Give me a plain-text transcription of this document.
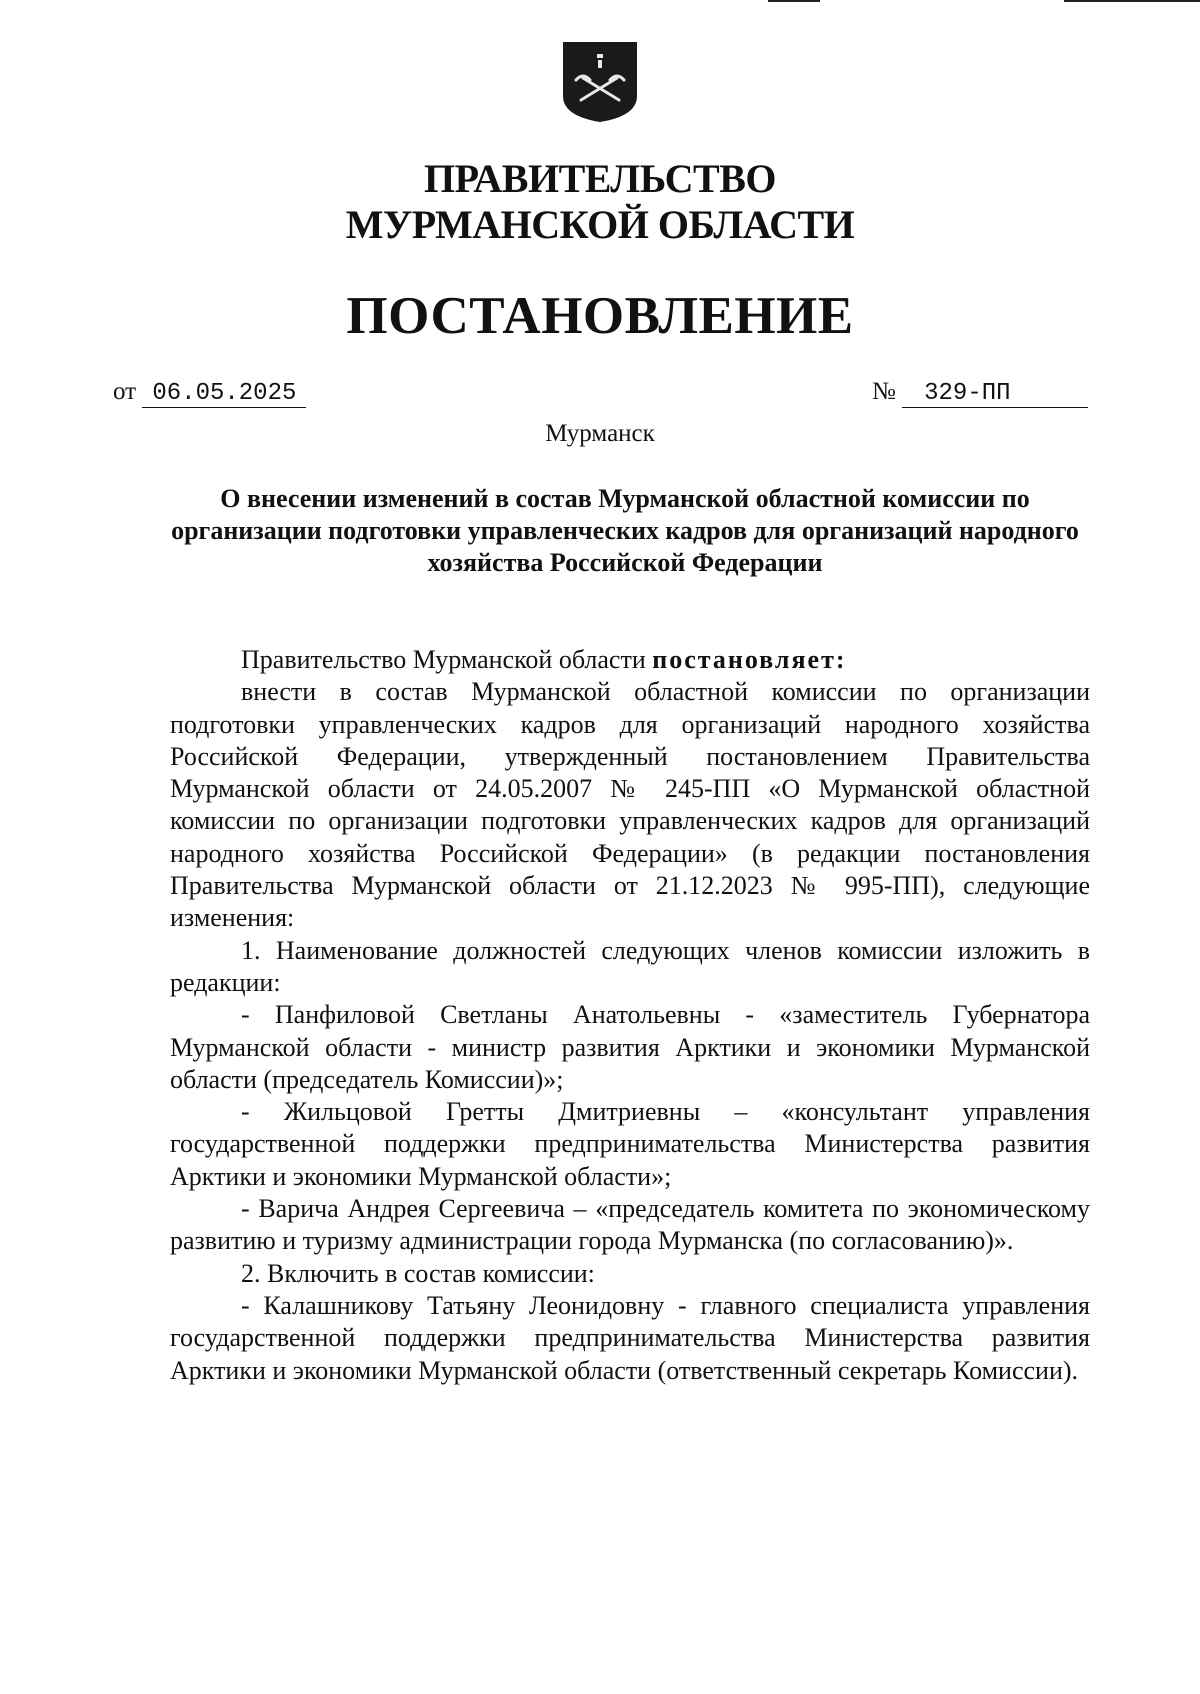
ПРАВИТЕЛЬСТВО
МУРМАНСКОЙ ОБЛАСТИ
ПОСТАНОВЛЕНИЕ
от 06.05.2025	№ 329-ПП
Мурманск
О внесении изменений в состав Мурманской областной комиссии по организации подготовки управленческих кадров для организаций народного хозяйства Российской Федерации

Правительство Мурманской области постановляет:

внести в состав Мурманской областной комиссии по организации подготовки управленческих кадров для организаций народного хозяйства Российской Федерации, утвержденный постановлением Правительства Мурманской области от 24.05.2007 № 245-ПП «О Мурманской областной комиссии по организации подготовки управленческих кадров для организаций народного хозяйства Российской Федерации» (в редакции постановления Правительства Мурманской области от 21.12.2023 № 995-ПП), следующие изменения:

1. Наименование должностей следующих членов комиссии изложить в редакции:

- Панфиловой Светланы Анатольевны - «заместитель Губернатора Мурманской области - министр развития Арктики и экономики Мурманской области (председатель Комиссии)»;

- Жильцовой Гретты Дмитриевны – «консультант управления государственной поддержки предпринимательства Министерства развития Арктики и экономики Мурманской области»;

- Варича Андрея Сергеевича – «председатель комитета по экономическому развитию и туризму администрации города Мурманска (по согласованию)».

2. Включить в состав комиссии:

- Калашникову Татьяну Леонидовну - главного специалиста управления государственной поддержки предпринимательства Министерства развития Арктики и экономики Мурманской области (ответственный секретарь Комиссии).
